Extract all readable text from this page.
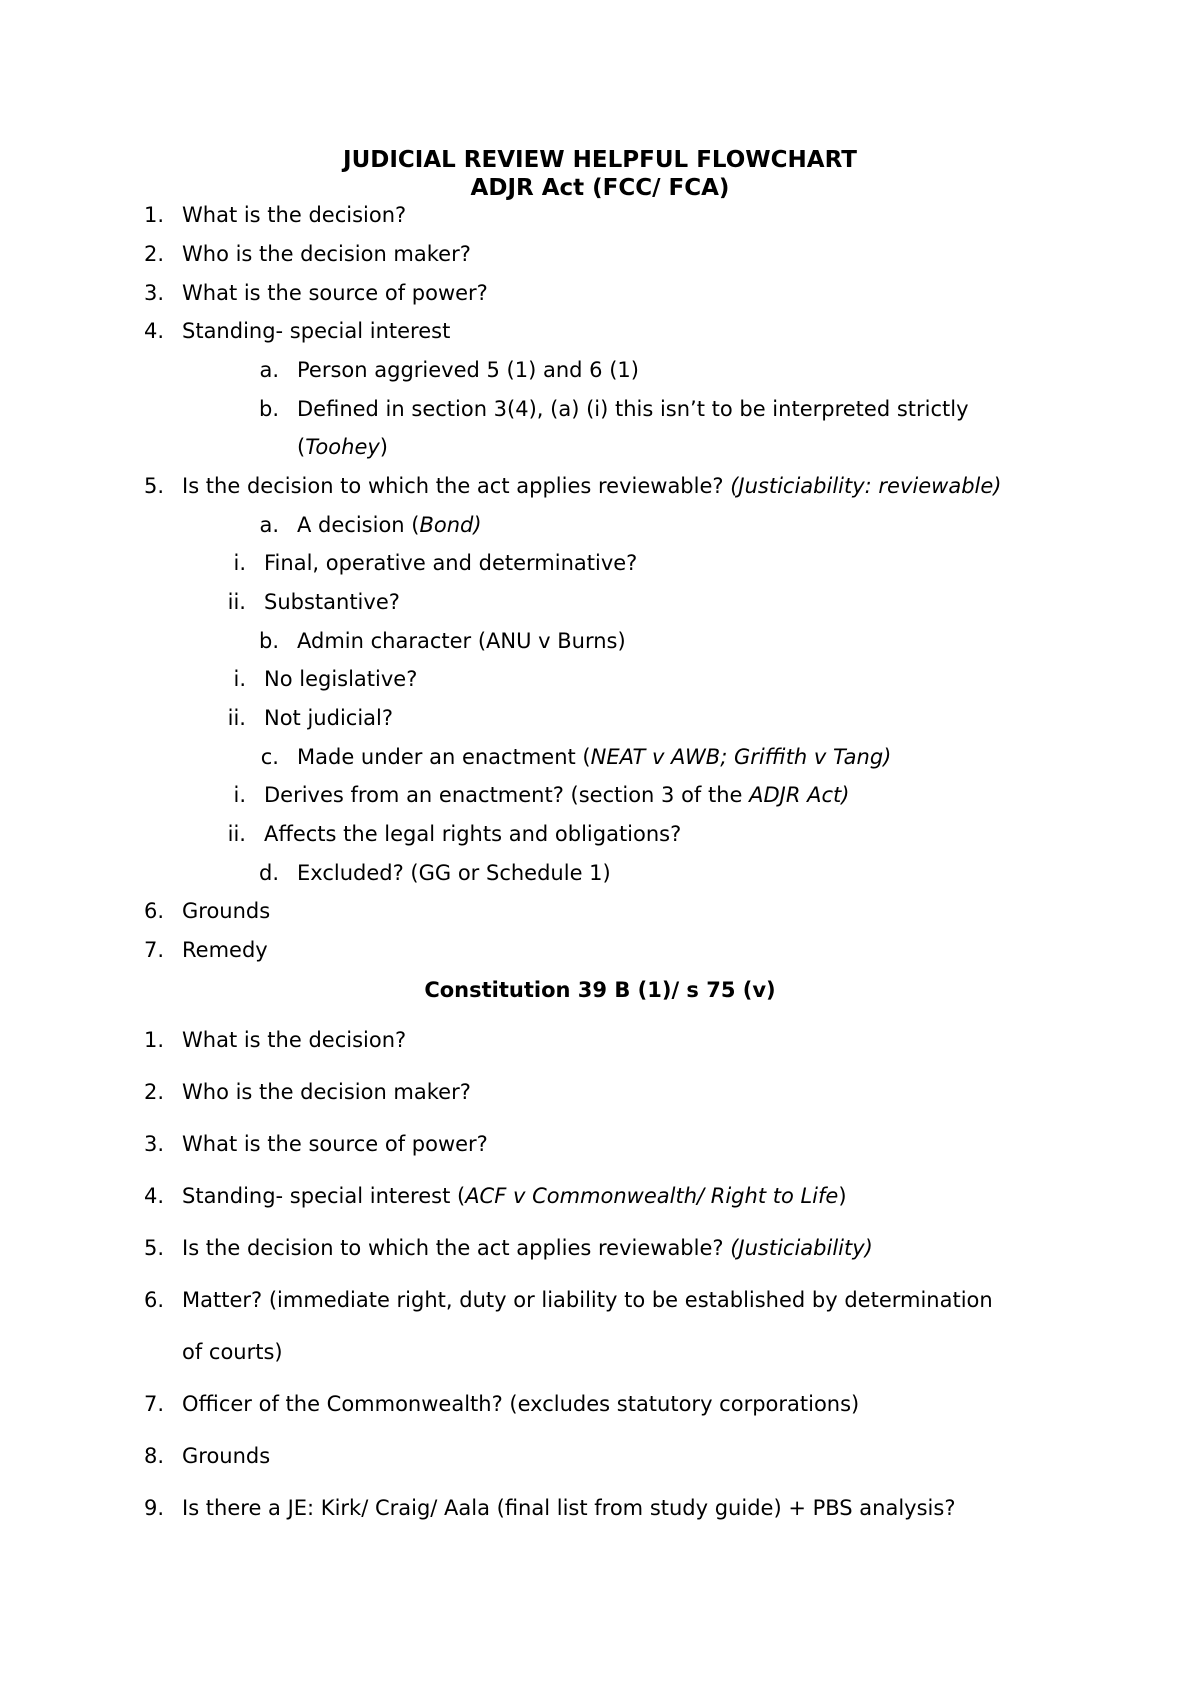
JUDICIAL REVIEW HELPFUL FLOWCHART
ADJR Act (FCC/ FCA)
1. What is the decision?
2. Who is the decision maker?
3. What is the source of power?
4. Standing- special interest
a. Person aggrieved 5 (1) and 6 (1)
b. Defined in section 3(4), (a) (i) this isn’t to be interpreted strictly
(Toohey)
5. Is the decision to which the act applies reviewable? (Justiciability: reviewable)
a. A decision (Bond)
i. Final, operative and determinative?
ii. Substantive?
b. Admin character (ANU v Burns)
i. No legislative?
ii. Not judicial?
c. Made under an enactment (NEAT v AWB; Griffith v Tang)
i. Derives from an enactment? (section 3 of the ADJR Act)
ii. Affects the legal rights and obligations?
d. Excluded? (GG or Schedule 1)
6. Grounds
7. Remedy
Constitution 39 B (1)/ s 75 (v)
1. What is the decision?
2. Who is the decision maker?
3. What is the source of power?
4. Standing- special interest (ACF v Commonwealth/ Right to Life)
5. Is the decision to which the act applies reviewable? (Justiciability)
6. Matter? (immediate right, duty or liability to be established by determination
of courts)
7. Officer of the Commonwealth? (excludes statutory corporations)
8. Grounds
9. Is there a JE: Kirk/ Craig/ Aala (final list from study guide) + PBS analysis?
